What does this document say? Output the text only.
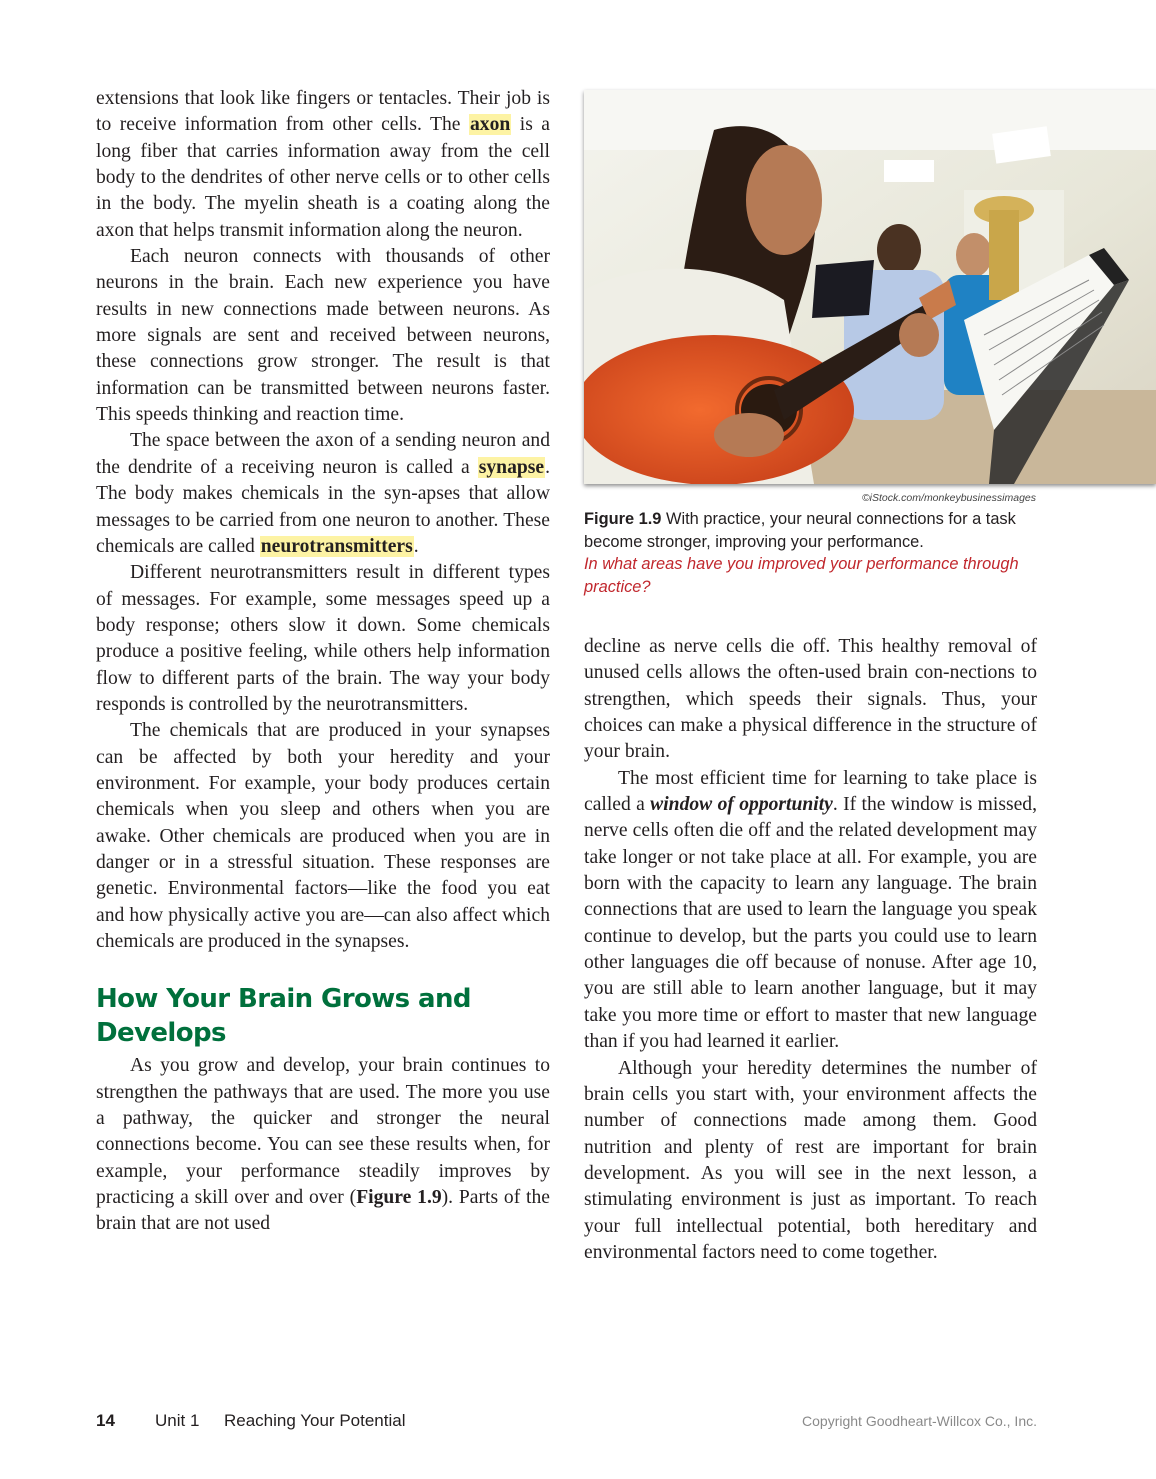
extensions that look like fingers or tentacles. Their job is to receive information from other cells. The axon is a long fiber that carries information away from the cell body to the dendrites of other nerve cells or to other cells in the body. The myelin sheath is a coating along the axon that helps transmit information along the neuron.

Each neuron connects with thousands of other neurons in the brain. Each new experience you have results in new connections made between neurons. As more signals are sent and received between neurons, these connections grow stronger. The result is that information can be transmitted between neurons faster. This speeds thinking and reaction time.

The space between the axon of a sending neuron and the dendrite of a receiving neuron is called a synapse. The body makes chemicals in the syn-apses that allow messages to be carried from one neuron to another. These chemicals are called neurotransmitters.

Different neurotransmitters result in different types of messages. For example, some messages speed up a body response; others slow it down. Some chemicals produce a positive feeling, while others help information flow to different parts of the brain. The way your body responds is controlled by the neurotransmitters.

The chemicals that are produced in your synapses can be affected by both your heredity and your environment. For example, your body produces certain chemicals when you sleep and others when you are awake. Other chemicals are produced when you are in danger or in a stressful situation. These responses are genetic. Environmental factors—like the food you eat and how physically active you are—can also affect which chemicals are produced in the synapses.

How Your Brain Grows and Develops

As you grow and develop, your brain continues to strengthen the pathways that are used. The more you use a pathway, the quicker and stronger the neural connections become. You can see these results when, for example, your performance steadily improves by practicing a skill over and over (Figure 1.9). Parts of the brain that are not used

©iStock.com/monkeybusinessimages
Figure 1.9 With practice, your neural connections for a task become stronger, improving your performance.
In what areas have you improved your performance through practice?

decline as nerve cells die off. This healthy removal of unused cells allows the often-used brain con-nections to strengthen, which speeds their signals. Thus, your choices can make a physical difference in the structure of your brain.

The most efficient time for learning to take place is called a window of opportunity. If the window is missed, nerve cells often die off and the related development may take longer or not take place at all. For example, you are born with the capacity to learn any language. The brain connections that are used to learn the language you speak continue to develop, but the parts you could use to learn other languages die off because of nonuse. After age 10, you are still able to learn another language, but it may take you more time or effort to master that new language than if you had learned it earlier.

Although your heredity determines the number of brain cells you start with, your environment affects the number of connections made among them. Good nutrition and plenty of rest are important for brain development. As you will see in the next lesson, a stimulating environment is just as important. To reach your full intellectual potential, both hereditary and environmental factors need to come together.

14 Unit 1 Reaching Your Potential	Copyright Goodheart-Willcox Co., Inc.
